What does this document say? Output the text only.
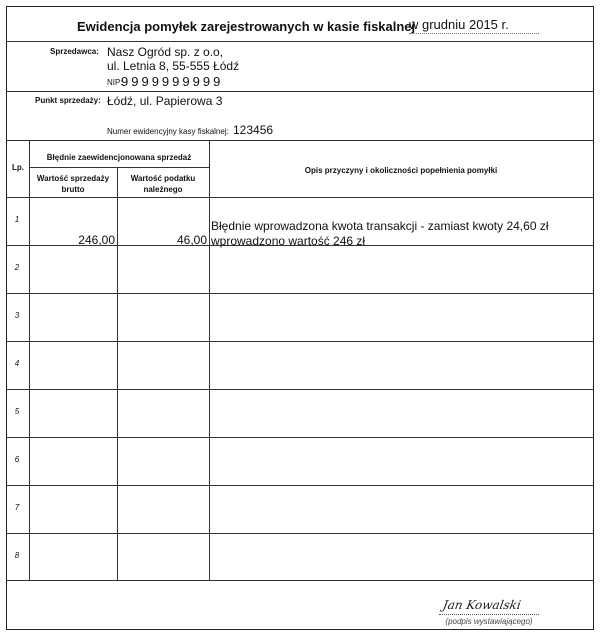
Ewidencja pomyłek zarejestrowanych w kasie fiskalnej
w grudniu 2015 r.
Sprzedawca: Nasz Ogród sp. z o.o,
ul. Letnia 8, 55-555 Łódź
NIP:
9999999999
Punkt sprzedaży: Łódź, ul. Papierowa 3
Numer ewidencyjny kasy fiskalnej: 123456
Lp.
Błędnie zaewidencjonowana sprzedaż
Wartość sprzedaży brutto
Wartość podatku należnego
Opis przyczyny i okoliczności popełnienia pomyłki
1
246,00	46,00
Błędnie wprowadzona kwota transakcji - zamiast kwoty 24,60 zł wprowadzono wartość 246 zł
2
3
4
5
6
7
8
Jan Kowalski
(podpis wystawiającego)
